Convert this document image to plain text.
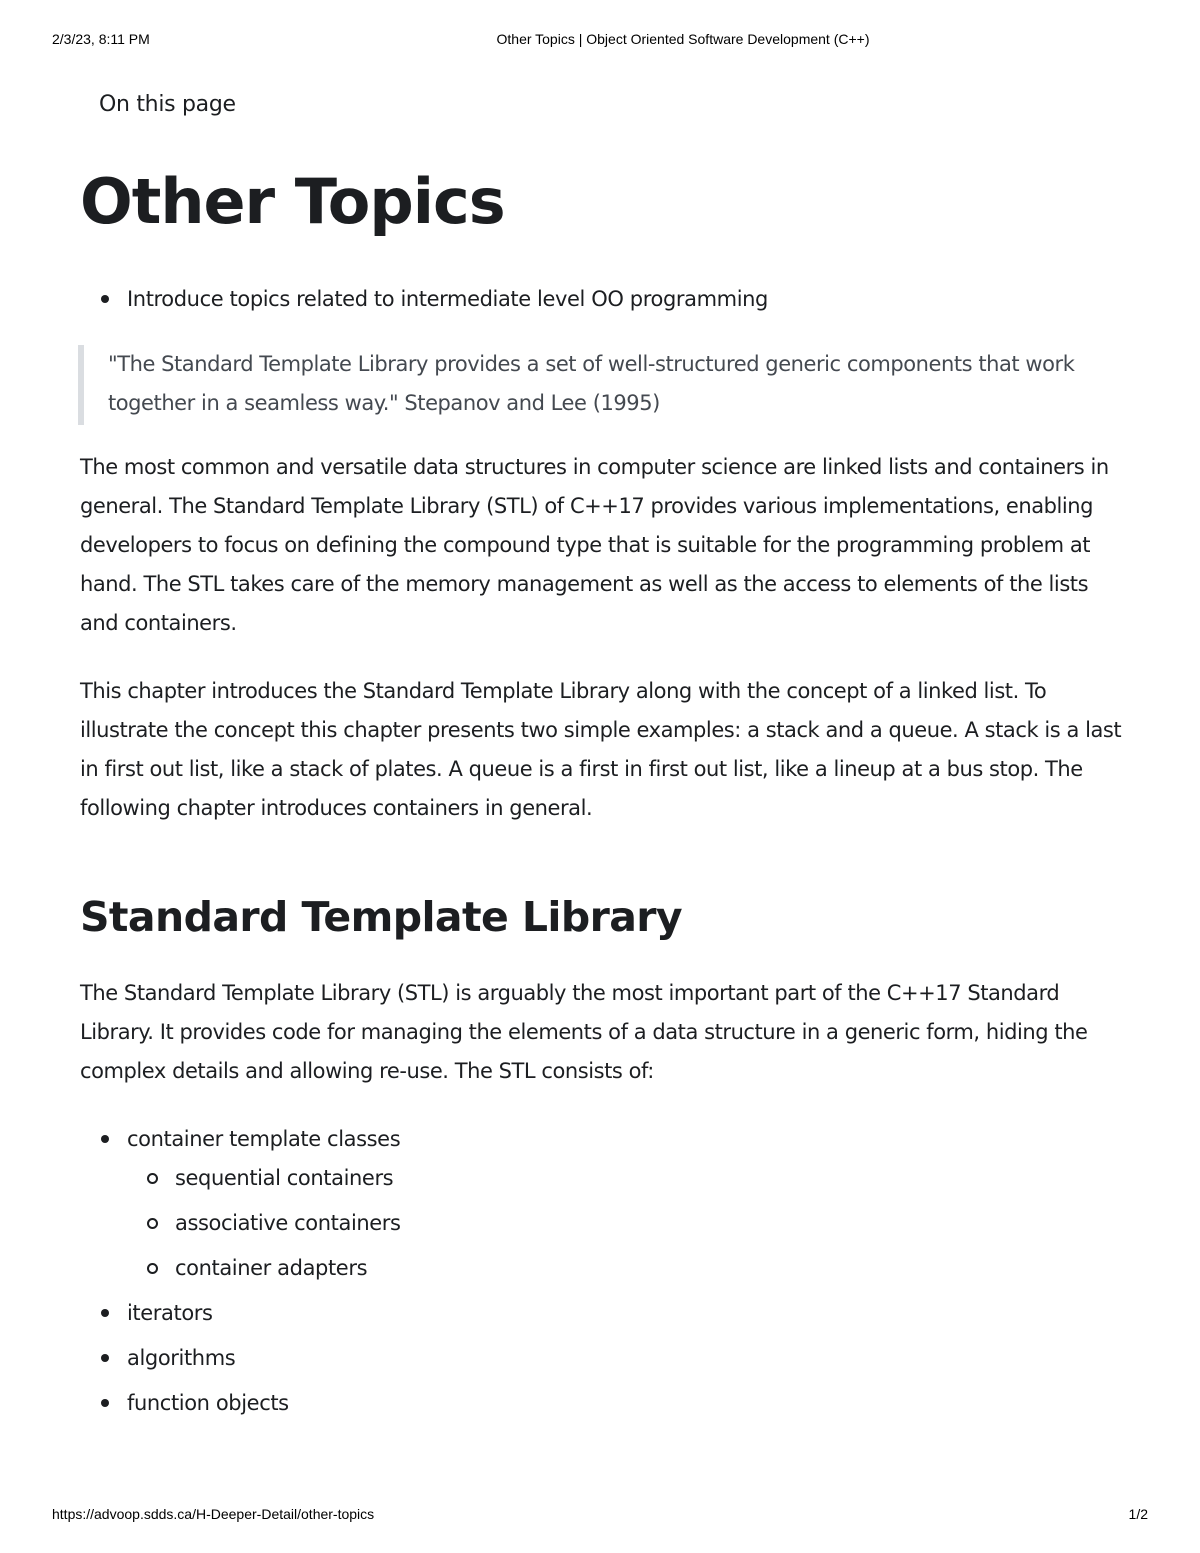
2/3/23, 8:11 PM	Other Topics | Object Oriented Software Development (C++)
On this page
Other Topics
Introduce topics related to intermediate level OO programming

"The Standard Template Library provides a set of well-structured generic components that work together in a seamless way." Stepanov and Lee (1995)

The most common and versatile data structures in computer science are linked lists and containers in general. The Standard Template Library (STL) of C++17 provides various implementations, enabling developers to focus on defining the compound type that is suitable for the programming problem at hand. The STL takes care of the memory management as well as the access to elements of the lists and containers.

This chapter introduces the Standard Template Library along with the concept of a linked list. To illustrate the concept this chapter presents two simple examples: a stack and a queue. A stack is a last in first out list, like a stack of plates. A queue is a first in first out list, like a lineup at a bus stop. The following chapter introduces containers in general.

Standard Template Library

The Standard Template Library (STL) is arguably the most important part of the C++17 Standard Library. It provides code for managing the elements of a data structure in a generic form, hiding the complex details and allowing re-use. The STL consists of:

container template classes
sequential containers
associative containers
container adapters
iterators
algorithms
function objects
https://advoop.sdds.ca/H-Deeper-Detail/other-topics	1/2
